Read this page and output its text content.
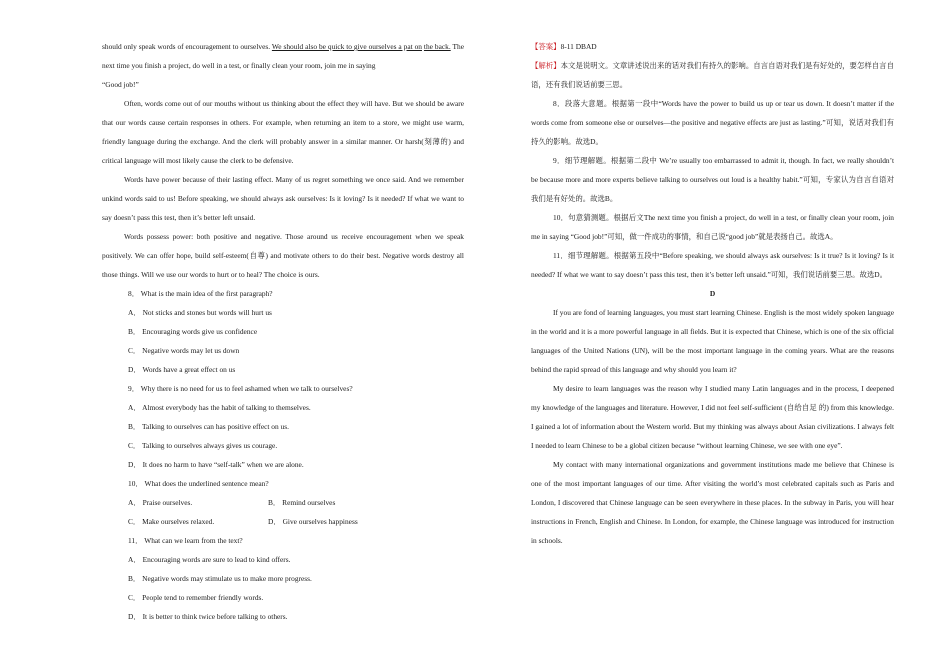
should only speak words of encouragement to ourselves. We should also be quick to give ourselves a pat on the back. The next time you finish a project, do well in a test, or finally clean your room, join me in saying

“Good job!”

Often, words come out of our mouths without us thinking about the effect they will have. But we should be aware that our words cause certain responses in others. For example, when returning an item to a store, we might use warm, friendly language during the exchange. And the clerk will probably answer in a similar manner. Or harsh(刻薄的) and critical language will most likely cause the clerk to be defensive.

Words have power because of their lasting effect. Many of us regret something we once said. And we remember unkind words said to us! Before speaking, we should always ask ourselves: Is it loving? Is it needed? If what we want to say doesn’t pass this test, then it’s better left unsaid.

Words possess power: both positive and negative. Those around us receive encouragement when we speak positively. We can offer hope, build self-esteem(自尊) and motivate others to do their best. Negative words destroy all those things. Will we use our words to hurt or to heal? The choice is ours.

8． What is the main idea of the first paragraph?

A． Not sticks and stones but words will hurt us

B． Encouraging words give us confidence

C． Negative words may let us down

D． Words have a great effect on us

9． Why there is no need for us to feel ashamed when we talk to ourselves?

A． Almost everybody has the habit of talking to themselves.

B． Talking to ourselves can has positive effect on us.

C． Talking to ourselves always gives us courage.

D． It does no harm to have “self-talk” when we are alone.

10． What does the underlined sentence mean?

A． Praise ourselves.	B． Remind ourselves
C． Make ourselves relaxed.	D． Give ourselves happiness

11． What can we learn from the text?

A． Encouraging words are sure to lead to kind offers.

B． Negative words may stimulate us to make more progress.

C． People tend to remember friendly words.

D． It is better to think twice before talking to others.

【答案】8-11 DBAD

【解析】本文是说明文。文章讲述说出来的话对我们有持久的影响。自言自语对我们是有好处的，要怎样自言自语，还有我们说话前要三思。

8．段落大意题。根据第一段中“Words have the power to build us up or tear us down. It doesn’t matter if the words come from someone else or ourselves—the positive and negative effects are just as lasting.”可知，说话对我们有持久的影响。故选D。

9．细节理解题。根据第二段中 We’re usually too embarrassed to admit it, though. In fact, we really shouldn’t be because more and more experts believe talking to ourselves out loud is a healthy habit.”可知，专家认为自言自语对我们是有好处的。故选B。

10．句意猜测题。根据后文The next time you finish a project, do well in a test, or finally clean your room, join me in saying “Good job!”可知，做一件成功的事情，和自己说“good job”就是表扬自己。故选A。

11．细节理解题。根据第五段中“Before speaking, we should always ask ourselves: Is it true? Is it loving? Is it needed? If what we want to say doesn’t pass this test, then it’s better left unsaid.”可知，我们说话前要三思。故选D。

D

If you are fond of learning languages, you must start learning Chinese. English is the most widely spoken language in the world and it is a more powerful language in all fields. But it is expected that Chinese, which is one of the six official languages of the United Nations (UN), will be the most important language in the coming years. What are the reasons behind the rapid spread of this language and why should you learn it?

My desire to learn languages was the reason why I studied many Latin languages and in the process, I deepened my knowledge of the languages and literature. However, I did not feel self-sufficient (自给自足 的) from this knowledge. I gained a lot of information about the Western world. But my thinking was always about Asian civilizations. I always felt I needed to learn Chinese to be a global citizen because “without learning Chinese, we see with one eye”.

My contact with many international organizations and government institutions made me believe that Chinese is one of the most important languages of our time. After visiting the world’s most celebrated capitals such as Paris and London, I discovered that Chinese language can be seen everywhere in these places. In the subway in Paris, you will hear instructions in French, English and Chinese. In London, for example, the Chinese language was introduced for instruction in schools.
